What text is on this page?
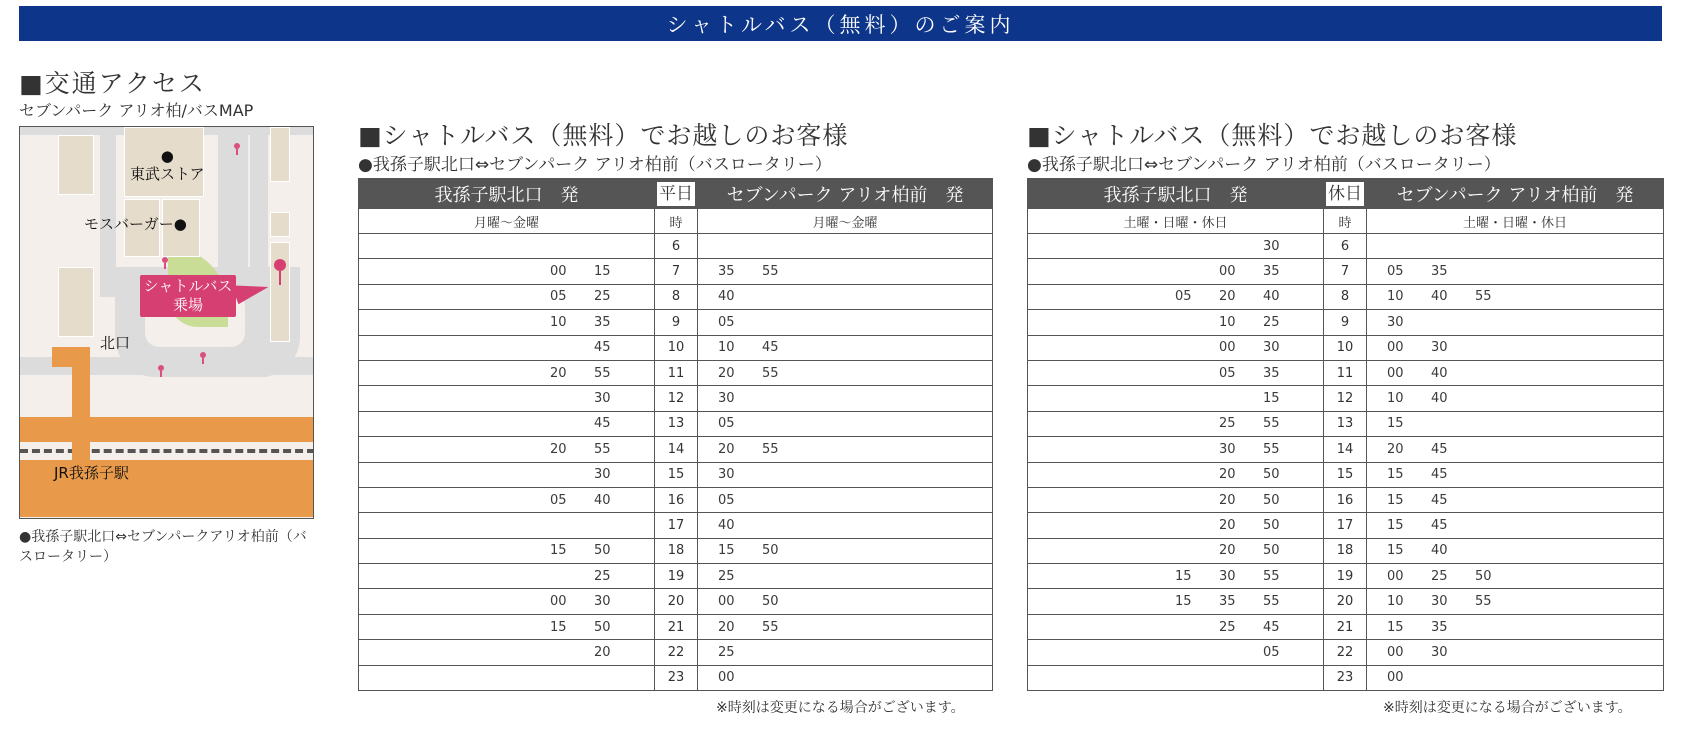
シャトルバス（無料）のご案内
■交通アクセス
セブンパーク アリオ柏/バスMAP
●
東武ストア
モスバーガー●
シャトルバス
乗場
北口
JR我孫子駅
●我孫子駅北口⇔セブンパークアリオ柏前（バスロータリー）
■シャトルバス（無料）でお越しのお客様
●我孫子駅北口⇔セブンパーク アリオ柏前（バスロータリー）
我孫子駅北口　発	平日	セブンパーク アリオ柏前　発
月曜～金曜	時	月曜～金曜
	6	
00 15	7	35 55
05 25	8	40
10 35	9	05
45	10	10 45
20 55	11	20 55
30	12	30
45	13	05
20 55	14	20 55
30	15	30
05 40	16	05
	17	40
15 50	18	15 50
25	19	25
00 30	20	00 50
15 50	21	20 55
20	22	25
	23	00
※時刻は変更になる場合がございます。
■シャトルバス（無料）でお越しのお客様
●我孫子駅北口⇔セブンパーク アリオ柏前（バスロータリー）
我孫子駅北口　発	休日	セブンパーク アリオ柏前　発
土曜・日曜・休日	時	土曜・日曜・休日
30	6	
00 35	7	05 35
05 20 40	8	10 40 55
10 25	9	30
00 30	10	00 30
05 35	11	00 40
15	12	10 40
25 55	13	15
30 55	14	20 45
20 50	15	15 45
20 50	16	15 45
20 50	17	15 45
20 50	18	15 40
15 30 55	19	00 25 50
15 35 55	20	10 30 55
25 45	21	15 35
05	22	00 30
	23	00
※時刻は変更になる場合がございます。
